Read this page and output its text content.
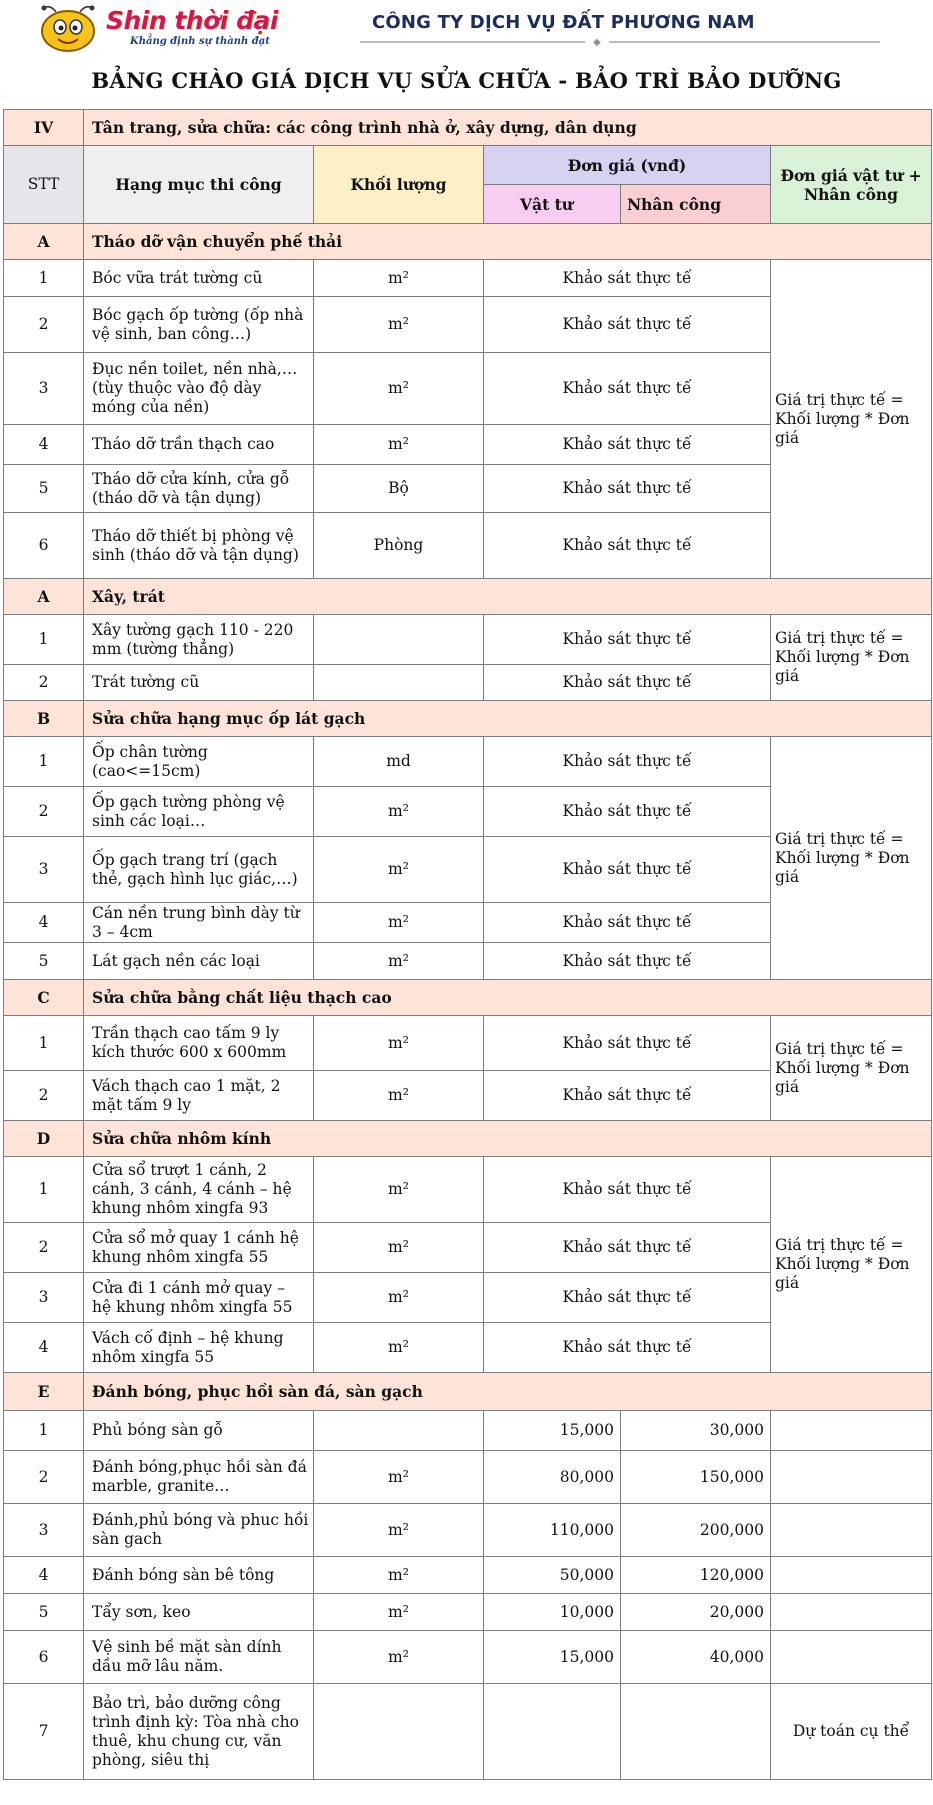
Shin thời đại
Khẳng định sự thành đạt
CÔNG TY DỊCH VỤ ĐẤT PHƯƠNG NAM
◆
BẢNG CHÀO GIÁ DỊCH VỤ SỬA CHỮA - BẢO TRÌ BẢO DƯỠNG
IV	Tân trang, sửa chữa: các công trình nhà ở, xây dựng, dân dụng				
STT	Hạng mục thi công	Khối lượng	Đơn giá (vnđ)		Đơn giá vật tư + Nhân công
			Vật tư	Nhân công	
A	Tháo dỡ vận chuyển phế thải				
1	Bóc vữa trát tường cũ	m²	Khảo sát thực tế		Giá trị thực tế = Khối lượng * Đơn giá
2	Bóc gạch ốp tường (ốp nhà vệ sinh, ban công…)	m²	Khảo sát thực tế		
3	Đục nền toilet, nền nhà,… (tùy thuộc vào độ dày móng của nền)	m²	Khảo sát thực tế		
4	Tháo dỡ trần thạch cao	m²	Khảo sát thực tế		
5	Tháo dỡ cửa kính, cửa gỗ (tháo dỡ và tận dụng)	Bộ	Khảo sát thực tế		
6	Tháo dỡ thiết bị phòng vệ sinh (tháo dỡ và tận dụng)	Phòng	Khảo sát thực tế		
A	Xây, trát				
1	Xây tường gạch 110 - 220 mm (tường thẳng)		Khảo sát thực tế		Giá trị thực tế = Khối lượng * Đơn giá
2	Trát tường cũ		Khảo sát thực tế		
B	Sửa chữa hạng mục ốp lát gạch				
1	Ốp chân tường (cao<=15cm)	md	Khảo sát thực tế		Giá trị thực tế = Khối lượng * Đơn giá
2	Ốp gạch tường phòng vệ sinh các loại…	m²	Khảo sát thực tế		
3	Ốp gạch trang trí (gạch thẻ, gạch hình lục giác,…)	m²	Khảo sát thực tế		
4	Cán nền trung bình dày từ 3 – 4cm	m²	Khảo sát thực tế		
5	Lát gạch nền các loại	m²	Khảo sát thực tế		
C	Sửa chữa bằng chất liệu thạch cao				
1	Trần thạch cao tấm 9 ly kích thước 600 x 600mm	m²	Khảo sát thực tế		Giá trị thực tế = Khối lượng * Đơn giá
2	Vách thạch cao 1 mặt, 2 mặt tấm 9 ly	m²	Khảo sát thực tế		
D	Sửa chữa nhôm kính				
1	Cửa sổ trượt 1 cánh, 2 cánh, 3 cánh, 4 cánh – hệ khung nhôm xingfa 93	m²	Khảo sát thực tế		Giá trị thực tế = Khối lượng * Đơn giá
2	Cửa sổ mở quay 1 cánh hệ khung nhôm xingfa 55	m²	Khảo sát thực tế		
3	Cửa đi 1 cánh mở quay – hệ khung nhôm xingfa 55	m²	Khảo sát thực tế		
4	Vách cố định – hệ khung nhôm xingfa 55	m²	Khảo sát thực tế		
E	Đánh bóng, phục hồi sàn đá, sàn gạch				
1	Phủ bóng sàn gỗ		15,000	30,000	
2	Đánh bóng,phục hồi sàn đá marble, granite…	m²	80,000	150,000	
3	Đánh,phủ bóng và phuc hồi sàn gach	m²	110,000	200,000	
4	Đánh bóng sàn bê tông	m²	50,000	120,000	
5	Tẩy sơn, keo	m²	10,000	20,000	
6	Vệ sinh bề mặt sàn dính dầu mỡ lâu năm.	m²	15,000	40,000	
7	Bảo trì, bảo dưỡng công trình định kỳ: Tòa nhà cho thuê, khu chung cư, văn phòng, siêu thị				Dự toán cụ thể
